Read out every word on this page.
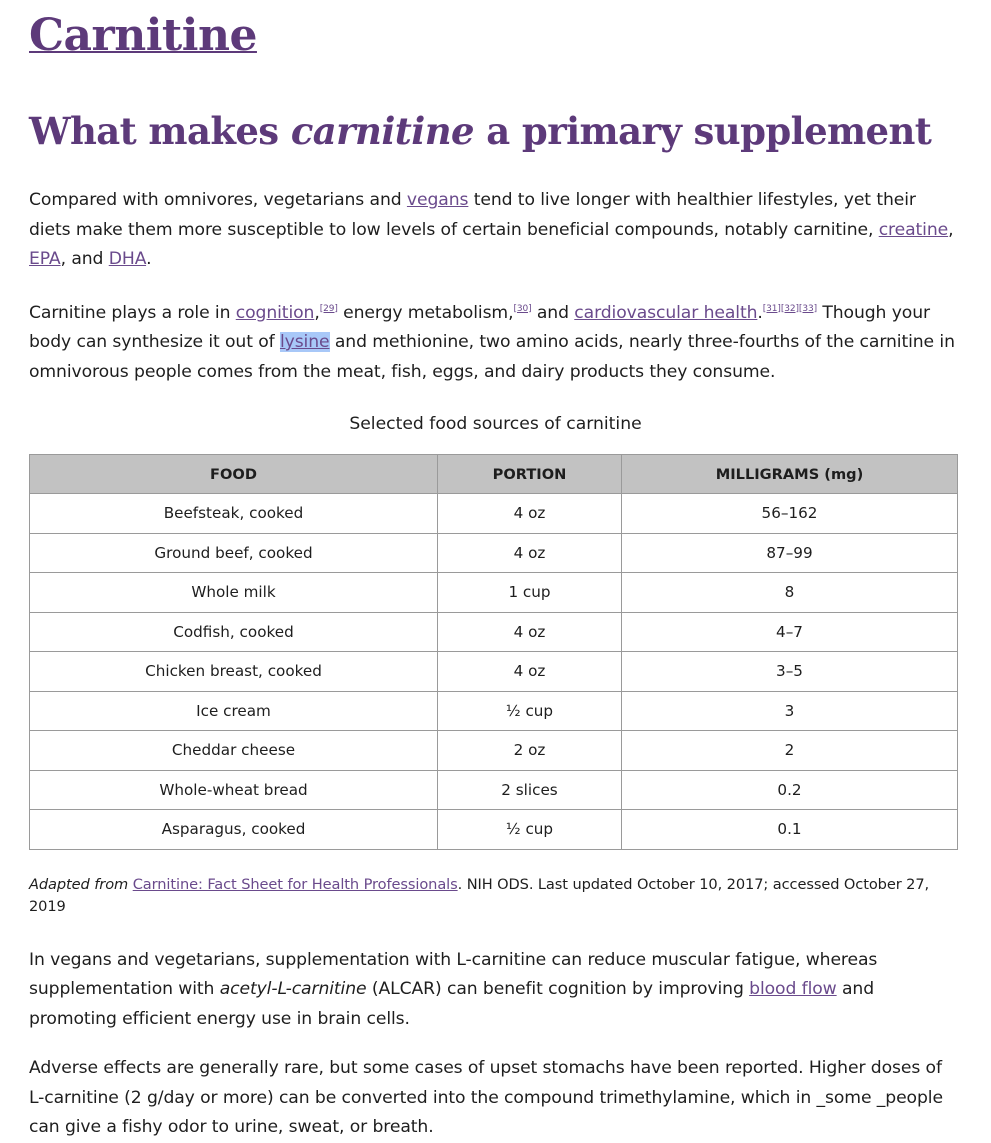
Carnitine
What makes carnitine a primary supplement

Compared with omnivores, vegetarians and vegans tend to live longer with healthier lifestyles, yet their diets make them more susceptible to low levels of certain beneficial compounds, notably carnitine, creatine, EPA, and DHA.

Carnitine plays a role in cognition,[29] energy metabolism,[30] and cardiovascular health.[31][32][33] Though your body can synthesize it out of lysine and methionine, two amino acids, nearly three-fourths of the carnitine in omnivorous people comes from the meat, fish, eggs, and dairy products they consume.

Selected food sources of carnitine
FOOD	PORTION	MILLIGRAMS (mg)
Beefsteak, cooked	4 oz	56–162
Ground beef, cooked	4 oz	87–99
Whole milk	1 cup	8
Codfish, cooked	4 oz	4–7
Chicken breast, cooked	4 oz	3–5
Ice cream	½ cup	3
Cheddar cheese	2 oz	2
Whole-wheat bread	2 slices	0.2
Asparagus, cooked	½ cup	0.1
Adapted from Carnitine: Fact Sheet for Health Professionals. NIH ODS. Last updated October 10, 2017; accessed October 27, 2019

In vegans and vegetarians, supplementation with L-carnitine can reduce muscular fatigue, whereas supplementation with acetyl-L-carnitine (ALCAR) can benefit cognition by improving blood flow and promoting efficient energy use in brain cells.

Adverse effects are generally rare, but some cases of upset stomachs have been reported. Higher doses of L-carnitine (2 g/day or more) can be converted into the compound trimethylamine, which in _some _people can give a fishy odor to urine, sweat, or breath.
